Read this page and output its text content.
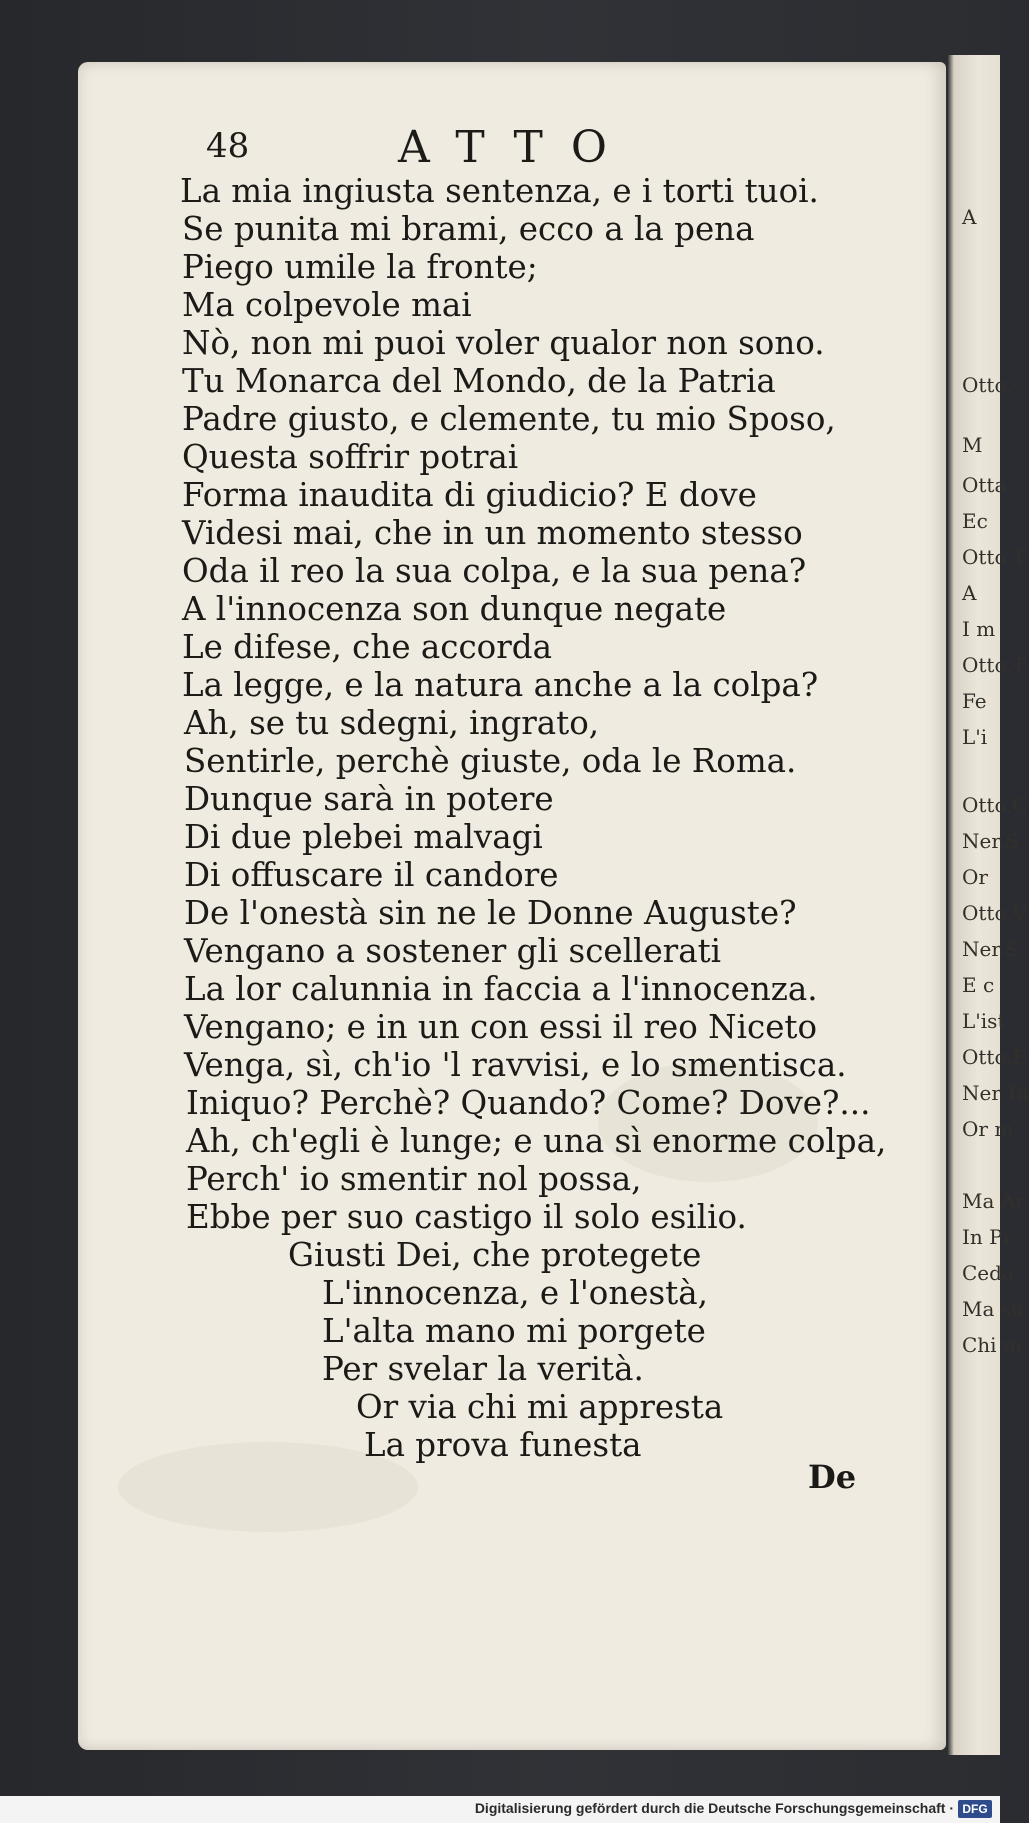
A
Otto.
M
Otta
Ec
Otto.T
A
I m
Otto.T
Fe
L'i
Otto.C
Ner.S
Or
Otto.V
Ner.S
E c
L'ist
Otto.E
Ner.Ta
Or m
Ma Ar
In Pr
Ceda
Ma su
Chi m
48	ATTO
La mia ingiusta sentenza, e i torti tuoi.
Se punita mi brami, ecco a la pena
Piego umile la fronte;
Ma colpevole mai
Nò, non mi puoi voler qualor non sono.
Tu Monarca del Mondo, de la Patria
Padre giusto, e clemente, tu mio Sposo,
Questa soffrir potrai
Forma inaudita di giudicio? E dove
Videsi mai, che in un momento stesso
Oda il reo la sua colpa, e la sua pena?
A l'innocenza son dunque negate
Le difese, che accorda
La legge, e la natura anche a la colpa?
Ah, se tu sdegni, ingrato,
Sentirle, perchè giuste, oda le Roma.
Dunque sarà in potere
Di due plebei malvagi
Di offuscare il candore
De l'onestà sin ne le Donne Auguste?
Vengano a sostener gli scellerati
La lor calunnia in faccia a l'innocenza.
Vengano; e in un con essi il reo Niceto
Venga, sì, ch'io 'l ravvisi, e lo smentisca.
Iniquo? Perchè? Quando? Come? Dove?...
Ah, ch'egli è lunge; e una sì enorme colpa,
Perch' io smentir nol possa,
Ebbe per suo castigo il solo esilio.
Giusti Dei, che protegete
L'innocenza, e l'onestà,
L'alta mano mi porgete
Per svelar la verità.
Or via chi mi appresta
La prova funesta
De
Digitalisierung gefördert durch die Deutsche Forschungsgemeinschaft · DFG
